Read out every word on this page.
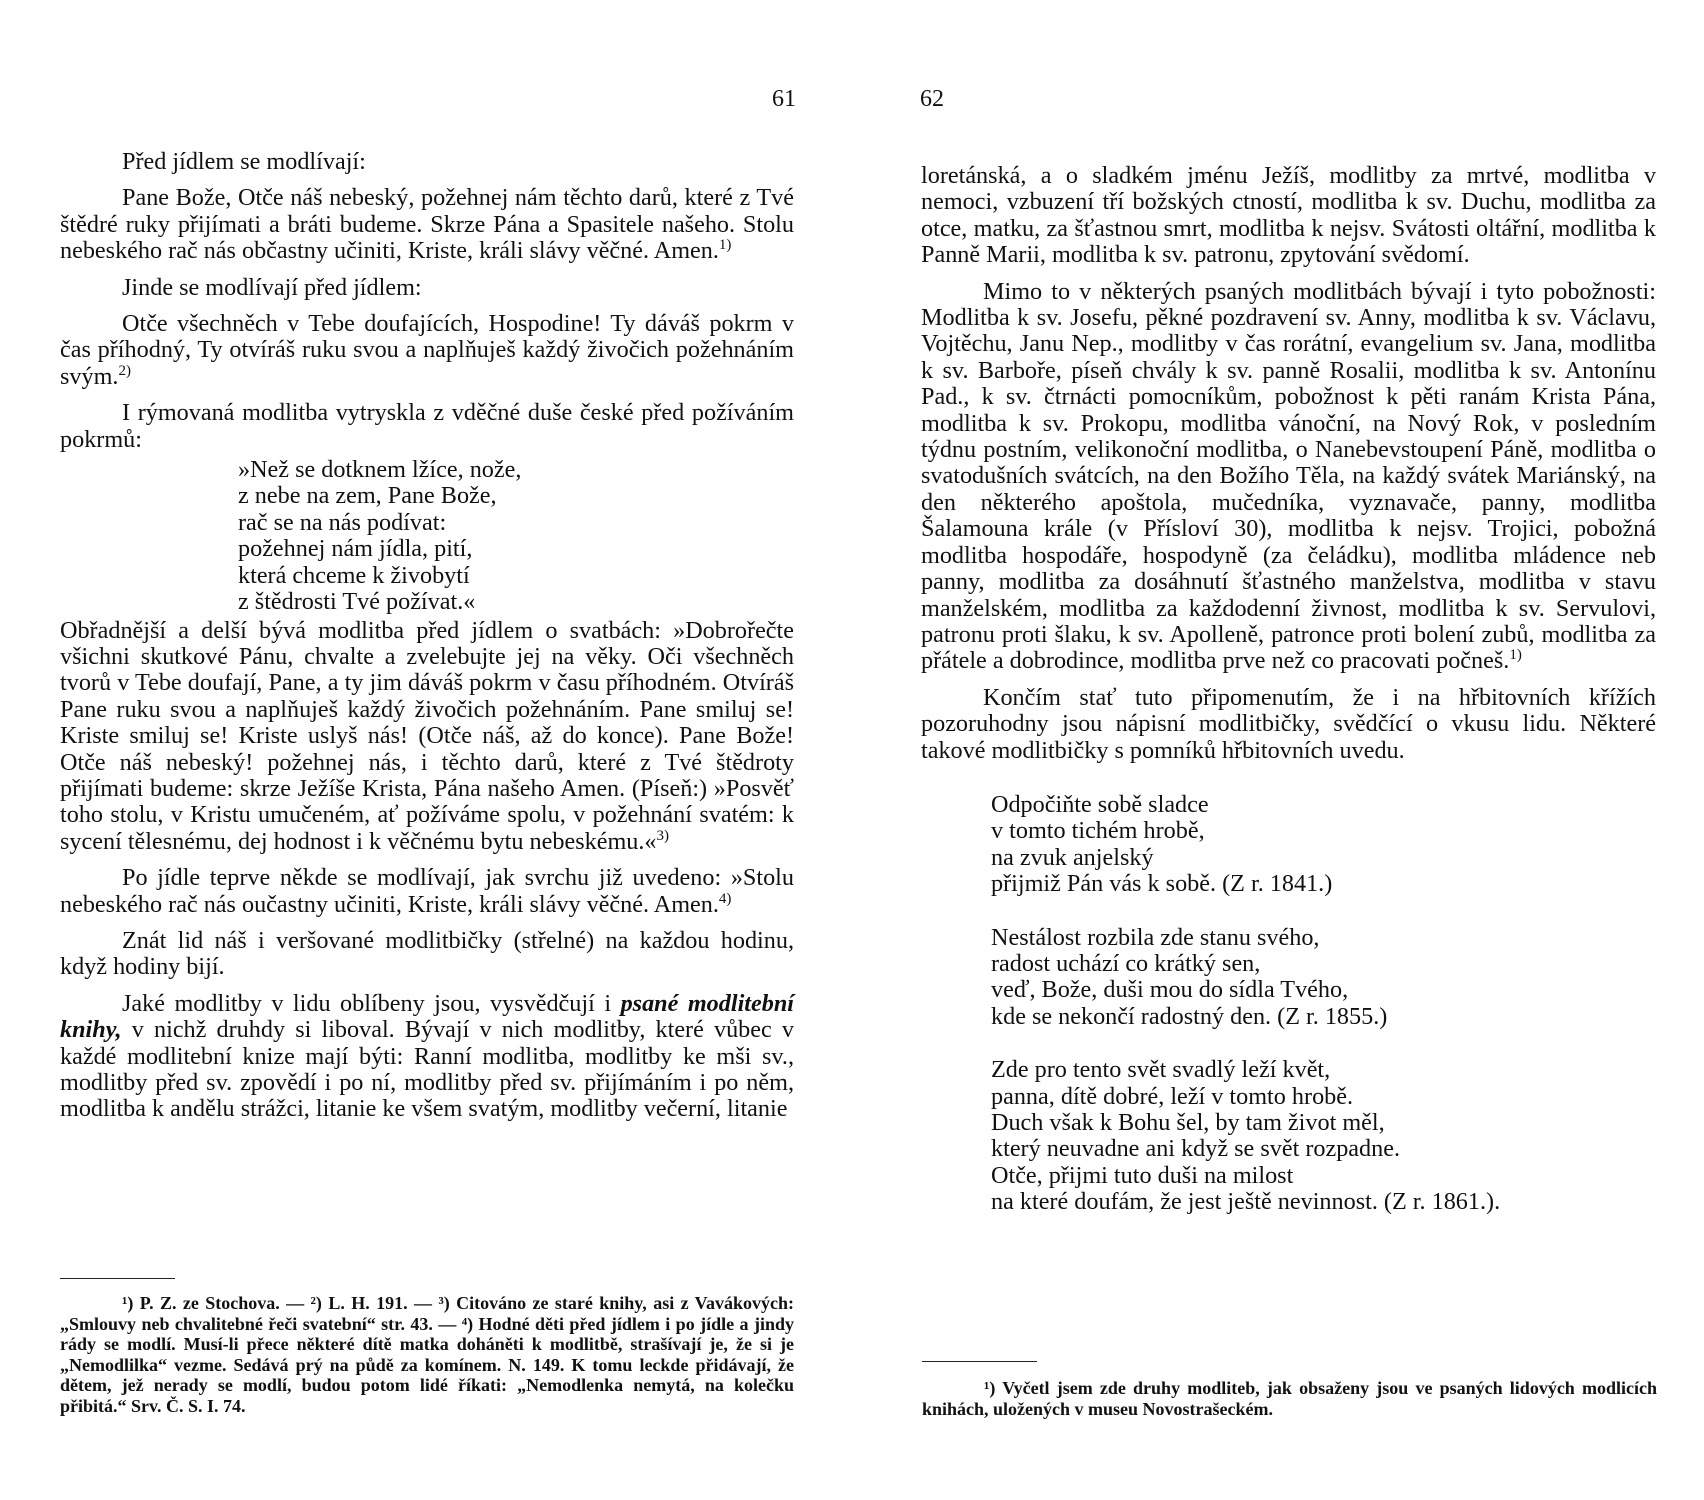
61

Před jídlem se modlívají:

Pane Bože, Otče náš nebeský, požehnej nám těchto darů, které z Tvé štědré ruky přijímati a bráti budeme. Skrze Pána a Spasitele našeho. Stolu nebeského rač nás občastny učiniti, Kriste, králi slávy věčné. Amen.$^{1)}$

Jinde se modlívají před jídlem:

Otče všechněch v Tebe doufajících, Hospodine! Ty dáváš pokrm v čas příhodný, Ty otvíráš ruku svou a naplňuješ každý živočich požehnáním svým.$^{2)}$

I rýmovaná modlitba vytryskla z vděčné duše české před požíváním pokrmů:

»Než se dotknem lžíce, nože,
z nebe na zem, Pane Bože,
rač se na nás podívat:
požehnej nám jídla, pití,
která chceme k živobytí
z štědrosti Tvé požívat.«

Obřadnější a delší bývá modlitba před jídlem o svatbách: »Dobrořečte všichni skutkové Pánu, chvalte a zvelebujte jej na věky. Oči všechněch tvorů v Tebe doufají, Pane, a ty jim dáváš pokrm v času příhodném. Otvíráš Pane ruku svou a naplňuješ každý živočich požehnáním. Pane smiluj se! Kriste smiluj se! Kriste uslyš nás! (Otče náš, až do konce). Pane Bože! Otče náš nebeský! požehnej nás, i těchto darů, které z Tvé štědroty přijímati budeme: skrze Ježíše Krista, Pána našeho Amen. (Píseň:) »Posvěť toho stolu, v Kristu umučeném, ať požíváme spolu, v požehnání svatém: k sycení tělesnému, dej hodnost i k věčnému bytu nebeskému.«$^{3)}$

Po jídle teprve někde se modlívají, jak svrchu již uvedeno: »Stolu nebeského rač nás oučastny učiniti, Kriste, králi slávy věčné. Amen.$^{4)}$

Znát lid náš i veršované modlitbičky (střelné) na každou hodinu, když hodiny bijí.

Jaké modlitby v lidu oblíbeny jsou, vysvědčují i psané modlitební knihy, v nichž druhdy si liboval. Bývají v nich modlitby, které vůbec v každé modlitební knize mají býti: Ranní modlitba, modlitby ke mši sv., modlitby před sv. zpovědí i po ní, modlitby před sv. přijímáním i po něm, modlitba k andělu strážci, litanie ke všem svatým, modlitby večerní, litanie

¹) P. Z. ze Stochova. — ²) L. H. 191. — ³) Citováno ze staré knihy, asi z Vavákových: „Smlouvy neb chvalitebné řeči svatební“ str. 43. — ⁴) Hodné děti před jídlem i po jídle a jindy rády se modlí. Musí-li přece některé dítě matka doháněti k modlitbě, strašívají je, že si je „Nemodlilka“ vezme. Sedává prý na půdě za komínem. N. 149. K tomu leckde přidávají, že dětem, jež nerady se modlí, budou potom lidé říkati: „Nemodlenka nemytá, na kolečku přibitá.“ Srv. Č. S. I. 74.

62

loretánská, a o sladkém jménu Ježíš, modlitby za mrtvé, modlitba v nemoci, vzbuzení tří božských ctností, modlitba k sv. Duchu, modlitba za otce, matku, za šťastnou smrt, modlitba k nejsv. Svátosti oltářní, modlitba k Panně Marii, modlitba k sv. patronu, zpytování svědomí.

Mimo to v některých psaných modlitbách bývají i tyto pobožnosti: Modlitba k sv. Josefu, pěkné pozdravení sv. Anny, modlitba k sv. Václavu, Vojtěchu, Janu Nep., modlitby v čas rorátní, evangelium sv. Jana, modlitba k sv. Barboře, píseň chvály k sv. panně Rosalii, modlitba k sv. Antonínu Pad., k sv. čtrnácti pomocníkům, pobožnost k pěti ranám Krista Pána, modlitba k sv. Prokopu, modlitba vánoční, na Nový Rok, v posledním týdnu postním, velikonoční modlitba, o Nanebevstoupení Páně, modlitba o svatodušních svátcích, na den Božího Těla, na každý svátek Mariánský, na den některého apoštola, mučedníka, vyznavače, panny, modlitba Šalamouna krále (v Přísloví 30), modlitba k nejsv. Trojici, pobožná modlitba hospodáře, hospodyně (za čeládku), modlitba mládence neb panny, modlitba za dosáhnutí šťastného manželstva, modlitba v stavu manželském, modlitba za každodenní živnost, modlitba k sv. Servulovi, patronu proti šlaku, k sv. Apolleně, patronce proti bolení zubů, modlitba za přátele a dobrodince, modlitba prve než co pracovati počneš.$^{1)}$

Končím stať tuto připomenutím, že i na hřbitovních křížích pozoruhodny jsou nápisní modlitbičky, svědčící o vkusu lidu. Některé takové modlitbičky s pomníků hřbitovních uvedu.

Odpočiňte sobě sladce
v tomto tichém hrobě,
na zvuk anjelský
přijmiž Pán vás k sobě. (Z r. 1841.)
Nestálost rozbila zde stanu svého,
radost uchází co krátký sen,
veď, Bože, duši mou do sídla Tvého,
kde se nekončí radostný den. (Z r. 1855.)
Zde pro tento svět svadlý leží květ,
panna, dítě dobré, leží v tomto hrobě.
Duch však k Bohu šel, by tam život měl,
který neuvadne ani když se svět rozpadne.
Otče, přijmi tuto duši na milost
na které doufám, že jest ještě nevinnost. (Z r. 1861.).

¹) Vyčetl jsem zde druhy modliteb, jak obsaženy jsou ve psaných lidových modlicích knihách, uložených v museu Novostrašeckém.
